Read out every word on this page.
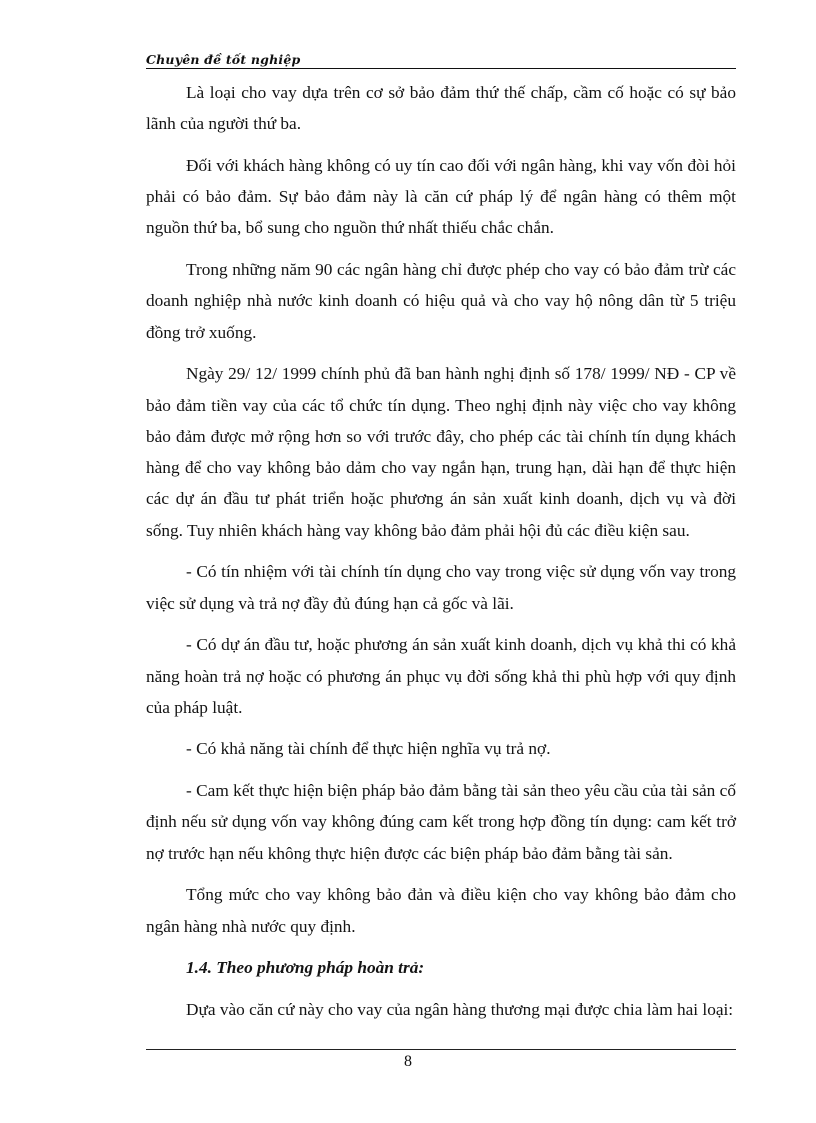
Chuyên đề tốt nghiệp

Là loại cho vay dựa trên cơ sở bảo đảm thứ thế chấp, cầm cố hoặc có sự bảo lãnh của người thứ ba.

Đối với khách hàng không có uy tín cao đối với ngân hàng, khi vay vốn đòi hỏi phải có bảo đảm. Sự bảo đảm này là căn cứ pháp lý để ngân hàng có thêm một nguồn thứ ba, bổ sung cho nguồn thứ nhất thiếu chắc chắn.

Trong những năm 90 các ngân hàng chỉ được phép cho vay có bảo đảm trừ các doanh nghiệp nhà nước kinh doanh có hiệu quả và cho vay hộ nông dân từ 5 triệu đồng trở xuống.

Ngày 29/ 12/ 1999 chính phủ đã ban hành nghị định số 178/ 1999/ NĐ - CP về bảo đảm tiền vay của các tổ chức tín dụng. Theo nghị định này việc cho vay không bảo đảm được mở rộng hơn so với trước đây, cho phép các tài chính tín dụng khách hàng để cho vay không bảo dảm cho vay ngắn hạn, trung hạn, dài hạn để thực hiện các dự án đầu tư phát triển hoặc phương án sản xuất kinh doanh, dịch vụ và đời sống. Tuy nhiên khách hàng vay không bảo đảm phải hội đủ các điều kiện sau.

- Có tín nhiệm với tài chính tín dụng cho vay trong việc sử dụng vốn vay trong việc sử dụng và trả nợ đầy đủ đúng hạn cả gốc và lãi.

- Có dự án đầu tư, hoặc phương án sản xuất kinh doanh, dịch vụ khả thi có khả năng hoàn trả nợ hoặc có phương án phục vụ đời sống khả thi phù hợp với quy định của pháp luật.

- Có khả năng tài chính để thực hiện nghĩa vụ trả nợ.

- Cam kết thực hiện biện pháp bảo đảm bằng tài sản theo yêu cầu của tài sản cố định nếu sử dụng vốn vay không đúng cam kết trong hợp đồng tín dụng: cam kết trở nợ trước hạn nếu không thực hiện được các biện pháp bảo đảm bằng tài sản.

Tổng mức cho vay không bảo đản và điều kiện cho vay không bảo đảm cho ngân hàng nhà nước quy định.

1.4. Theo phương pháp hoàn trả:

Dựa vào căn cứ này cho vay của ngân hàng thương mại được chia làm hai loại:

8
